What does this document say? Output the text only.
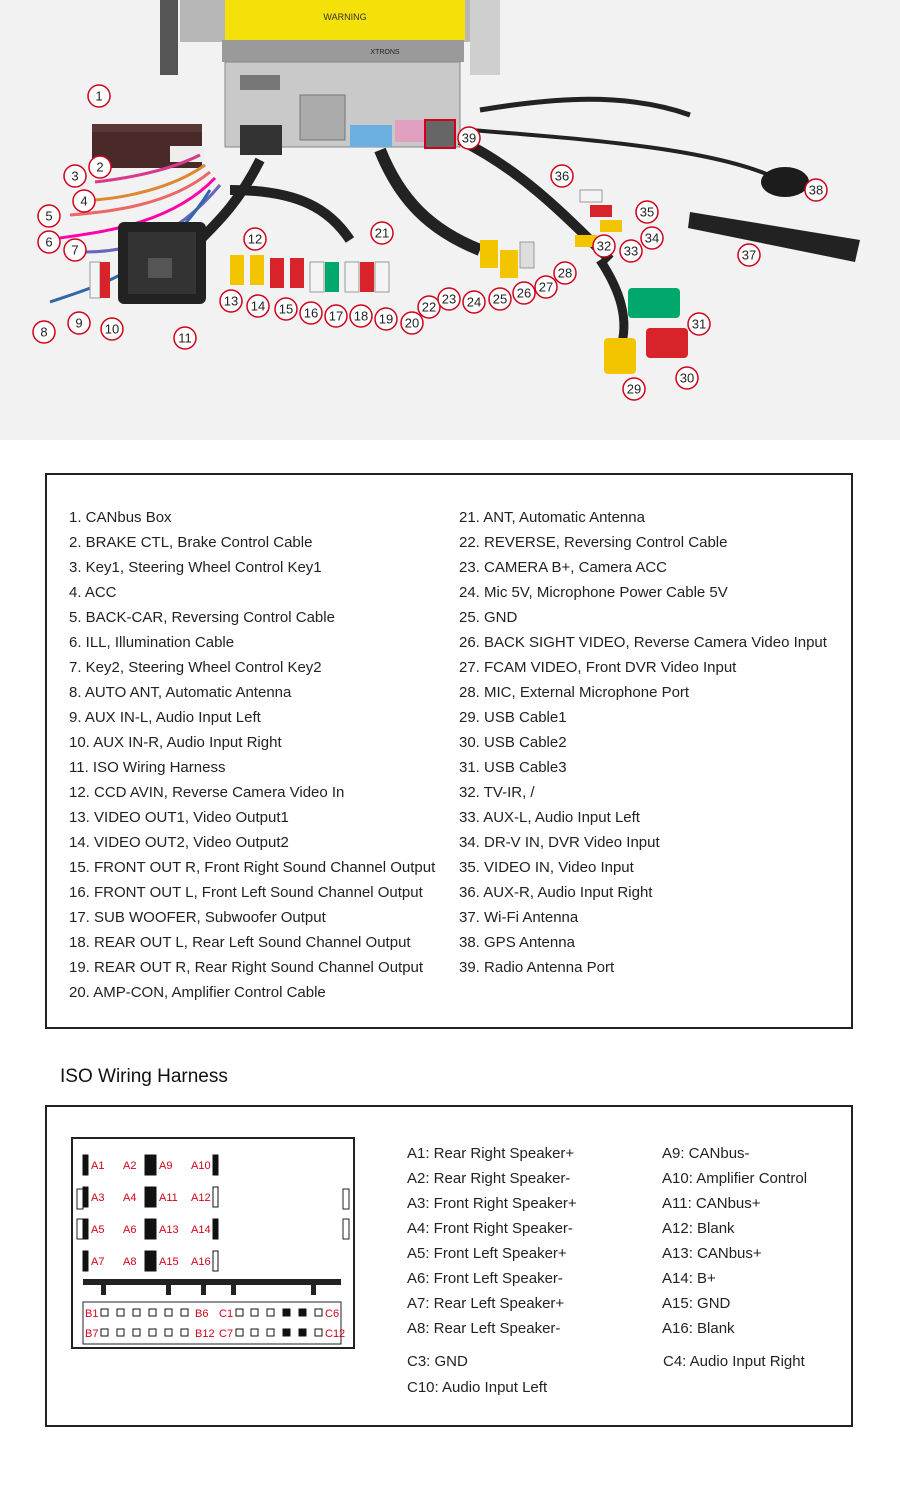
WARNING
XTRONS
1
2
3
4
5
6
7
8
9 10
11
12
13 14 15 16 17 18 19 20
21
22
23 24 25 26 27
28
29
30
31
32 33
34
35
36
37
38
39
1. CANbus Box
2. BRAKE CTL, Brake Control Cable
3. Key1, Steering Wheel Control Key1
4. ACC
5. BACK-CAR, Reversing Control Cable
6. ILL, Illumination Cable
7. Key2, Steering Wheel Control Key2
8. AUTO ANT, Automatic Antenna
9. AUX IN-L, Audio Input Left
10. AUX IN-R, Audio Input Right
11. ISO Wiring Harness
12. CCD AVIN, Reverse Camera Video In
13. VIDEO OUT1, Video Output1
14. VIDEO OUT2, Video Output2
15. FRONT OUT R, Front Right Sound Channel Output
16. FRONT OUT L, Front Left Sound Channel Output
17. SUB WOOFER, Subwoofer Output
18. REAR OUT L, Rear Left Sound Channel Output
19. REAR OUT R, Rear Right Sound Channel Output
20. AMP-CON, Amplifier Control Cable
21. ANT, Automatic Antenna
22. REVERSE, Reversing Control Cable
23. CAMERA B+, Camera ACC
24. Mic 5V, Microphone Power Cable 5V
25. GND
26. BACK SIGHT VIDEO, Reverse Camera Video Input
27. FCAM VIDEO, Front DVR Video Input
28. MIC, External Microphone Port
29. USB Cable1
30. USB Cable2
31. USB Cable3
32. TV-IR, /
33. AUX-L, Audio Input Left
34. DR-V IN, DVR Video Input
35. VIDEO IN, Video Input
36. AUX-R, Audio Input Right
37. Wi-Fi Antenna
38. GPS Antenna
39. Radio Antenna Port
ISO Wiring Harness
A1 A2 A9 A10
A3 A4 A11 A12
A5 A6 A13 A14
A7 A8 A15 A16
B1	B6 C1	C6
B7	B12 C7	C12
A1: Rear Right Speaker+
A2: Rear Right Speaker-
A3: Front Right Speaker+
A4: Front Right Speaker-
A5: Front Left Speaker+
A6: Front Left Speaker-
A7: Rear Left Speaker+
A8: Rear Left Speaker-
A9: CANbus-
A10: Amplifier Control
A11: CANbus+
A12: Blank
A13: CANbus+
A14: B+
A15: GND
A16: Blank
C3: GND	C4: Audio Input Right
C10: Audio Input Left
